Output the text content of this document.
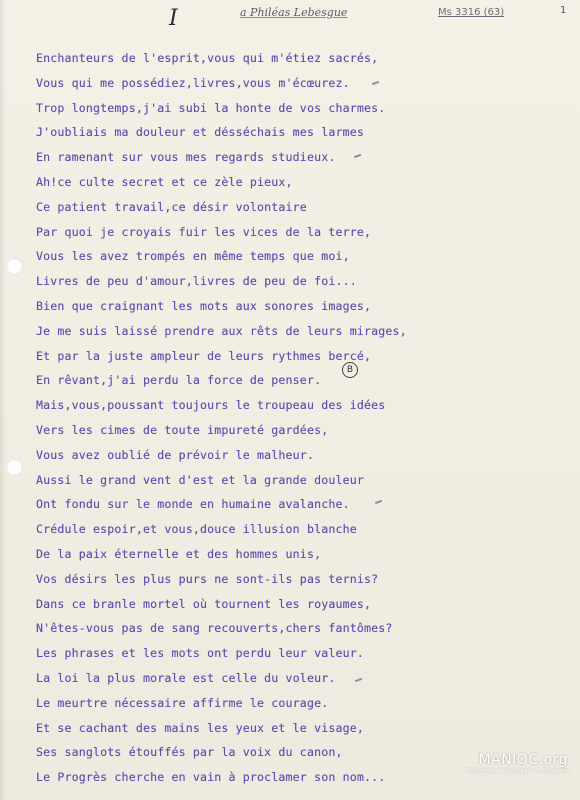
I	a Philéas Lebesgue	Ms 3316 (63)	1
Enchanteurs de l'esprit,vous qui m'étiez sacrés,
Vous qui me possédiez,livres,vous m'écœurez.
Trop longtemps,j'ai subi la honte de vos charmes.
J'oubliais ma douleur et désséchais mes larmes
En ramenant sur vous mes regards studieux.
Ah!ce culte secret et ce zèle pieux,
Ce patient travail,ce désir volontaire
Par quoi je croyais fuir les vices de la terre,
Vous les avez trompés en même temps que moi,
Livres de peu d'amour,livres de peu de foi...
Bien que craignant les mots aux sonores images,
Je me suis laissé prendre aux rêts de leurs mirages,
Et par la juste ampleur de leurs rythmes bercé,
En rêvant,j'ai perdu la force de penser.
Mais,vous,poussant toujours le troupeau des idées
Vers les cimes de toute impureté gardées,
Vous avez oublié de prévoir le malheur.
Aussi le grand vent d'est et la grande douleur
Ont fondu sur le monde en humaine avalanche.
Crédule espoir,et vous,douce illusion blanche
De la paix éternelle et des hommes unis,
Vos désirs les plus purs ne sont-ils pas ternis?
Dans ce branle mortel où tournent les royaumes,
N'êtes-vous pas de sang recouverts,chers fantômes?
Les phrases et les mots ont perdu leur valeur.
La loi la plus morale est celle du voleur.
Le meurtre nécessaire affirme le courage.
Et se cachant des mains les yeux et le visage,
Ses sanglots étouffés par la voix du canon,
Le Progrès cherche en vain à proclamer son nom...
B
MANIOC.org
Bibliothèque municipale de Bordeaux
